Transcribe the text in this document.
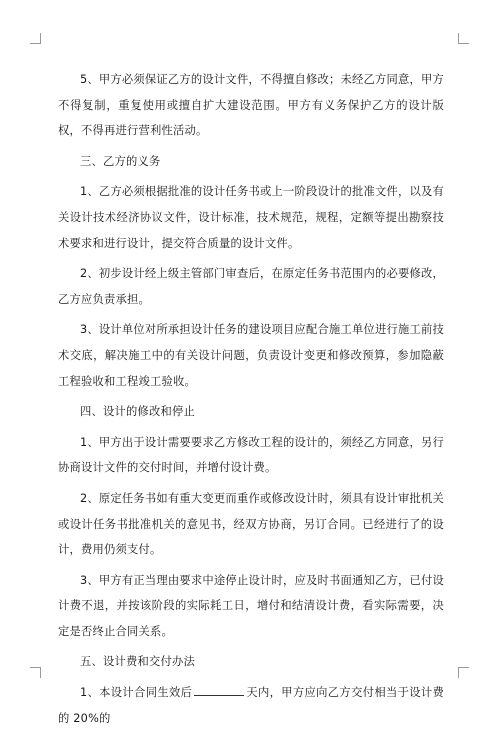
5、甲方必须保证乙方的设计文件，不得擅自修改；未经乙方同意，甲方不得复制，重复使用或擅自扩大建设范围。甲方有义务保护乙方的设计版权，不得再进行营利性活动。
三、乙方的义务
1、乙方必须根据批准的设计任务书或上一阶段设计的批准文件，以及有关设计技术经济协议文件，设计标准，技术规范，规程，定额等提出勘察技术要求和进行设计，提交符合质量的设计文件。
2、初步设计经上级主管部门审查后，在原定任务书范围内的必要修改，乙方应负责承担。
3、设计单位对所承担设计任务的建设项目应配合施工单位进行施工前技术交底，解决施工中的有关设计问题，负责设计变更和修改预算，参加隐蔽工程验收和工程竣工验收。
四、设计的修改和停止
1、甲方出于设计需要要求乙方修改工程的设计的，须经乙方同意，另行协商设计文件的交付时间，并增付设计费。
2、原定任务书如有重大变更而重作或修改设计时，须具有设计审批机关或设计任务书批准机关的意见书，经双方协商，另订合同。已经进行了的设计，费用仍须支付。
3、甲方有正当理由要求中途停止设计时，应及时书面通知乙方，已付设计费不退，并按该阶段的实际耗工日，增付和结清设计费，看实际需要，决定是否终止合同关系。
五、设计费和交付办法
1、本设计合同生效后	天内，甲方应向乙方交付相当于设计费的 20%的
